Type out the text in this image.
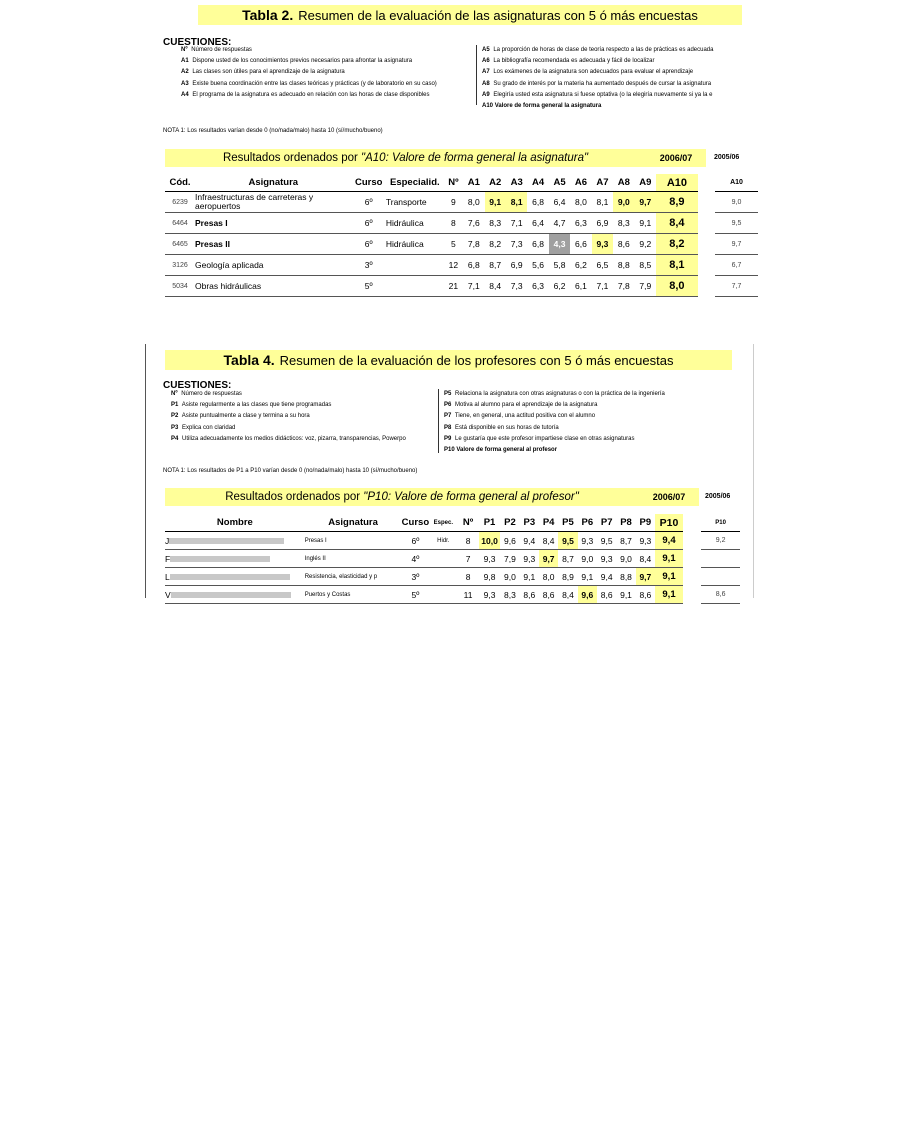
Tabla 2. Resumen de la evaluación de las asignaturas con 5 ó más encuestas
CUESTIONES:
Nº Número de respuestas
A1 Dispone usted de los conocimientos previos necesarios para afrontar la asignatura
A2 Las clases son útiles para el aprendizaje de la asignatura
A3 Existe buena coordinación entre las clases teóricas y prácticas (y de laboratorio en su caso)
A4 El programa de la asignatura es adecuado en relación con las horas de clase disponibles
A5 La proporción de horas de clase de teoría respecto a las de prácticas es adecuada
A6 La bibliografía recomendada es adecuada y fácil de localizar
A7 Los exámenes de la asignatura son adecuados para evaluar el aprendizaje
A8 Su grado de interés por la materia ha aumentado después de cursar la asignatura
A9 Elegiría usted esta asignatura si fuese optativa (o la elegiría nuevamente si ya la e
A10 Valore de forma general la asignatura
NOTA 1: Los resultados varían desde 0 (no/nada/malo) hasta 10 (sí/mucho/bueno)
Resultados ordenados por "A10: Valore de forma general la asignatura"	2006/07	2005/06
Cód.	Asignatura	Curso	Especialid.	Nº	A1	A2	A3	A4	A5	A6	A7	A8	A9	A10		A10
6239	Infraestructuras de carreteras y aeropuertos	6º	Transporte	9	8,0	9,1	8,1	6,8	6,4	8,0	8,1	9,0	9,7	8,9		9,0
6464	Presas I	6º	Hidráulica	8	7,6	8,3	7,1	6,4	4,7	6,3	6,9	8,3	9,1	8,4		9,5
6465	Presas II	6º	Hidráulica	5	7,8	8,2	7,3	6,8	4,3	6,6	9,3	8,6	9,2	8,2		9,7
3126	Geología aplicada	3º		12	6,8	8,7	6,9	5,6	5,8	6,2	6,5	8,8	8,5	8,1		6,7
5034	Obras hidráulicas	5º		21	7,1	8,4	7,3	6,3	6,2	6,1	7,1	7,8	7,9	8,0		7,7
Tabla 4. Resumen de la evaluación de los profesores con 5 ó más encuestas
CUESTIONES:
Nº Número de respuestas
P1 Asiste regularmente a las clases que tiene programadas
P2 Asiste puntualmente a clase y termina a su hora
P3 Explica con claridad
P4 Utiliza adecuadamente los medios didácticos: voz, pizarra, transparencias, Powerpo
P5 Relaciona la asignatura con otras asignaturas o con la práctica de la ingeniería
P6 Motiva al alumno para el aprendizaje de la asignatura
P7 Tiene, en general, una actitud positiva con el alumno
P8 Está disponible en sus horas de tutoría
P9 Le gustaría que este profesor impartiese clase en otras asignaturas
P10 Valore de forma general al profesor
NOTA 1: Los resultados de P1 a P10 varían desde 0 (no/nada/malo) hasta 10 (sí/mucho/bueno)
Resultados ordenados por "P10: Valore de forma general al profesor"	2006/07	2005/06
Nombre	Asignatura	Curso	Espec.	Nº	P1	P2	P3	P4	P5	P6	P7	P8	P9	P10		P10
J	Presas I	6º	Hidr.	8	10,0	9,6	9,4	8,4	9,5	9,3	9,5	8,7	9,3	9,4		9,2
F	Inglés II	4º		7	9,3	7,9	9,3	9,7	8,7	9,0	9,3	9,0	8,4	9,1		
L	Resistencia, elasticidad y p	3º		8	9,8	9,0	9,1	8,0	8,9	9,1	9,4	8,8	9,7	9,1		
V	Puertos y Costas	5º		11	9,3	8,3	8,6	8,6	8,4	9,6	8,6	9,1	8,6	9,1		8,6
